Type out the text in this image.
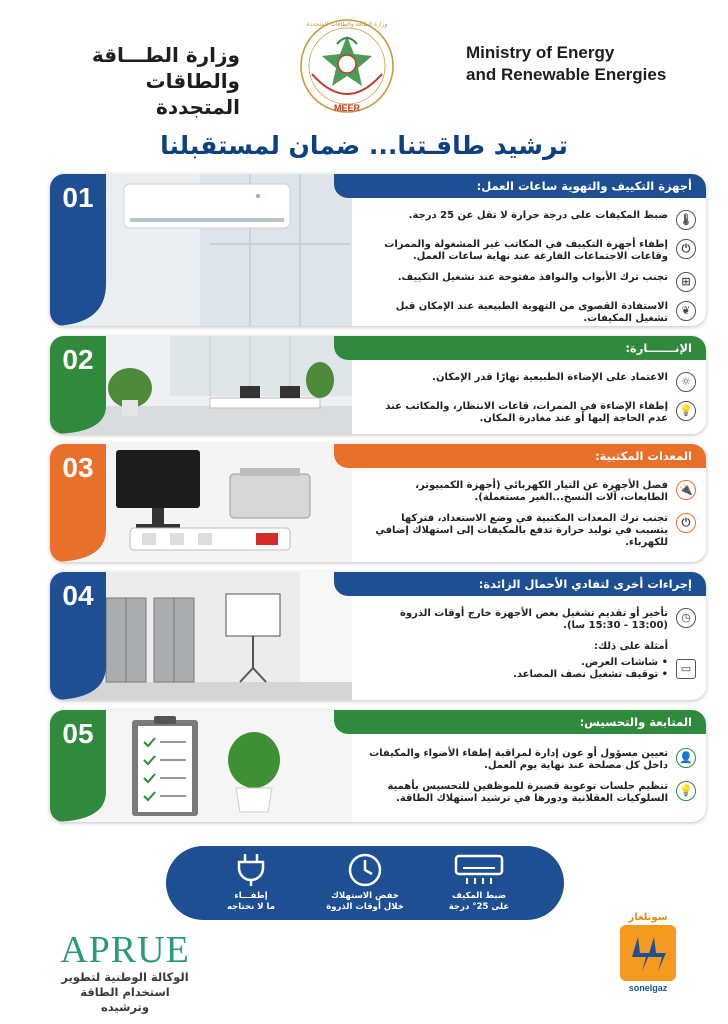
وزارة الطـــاقة
والطاقات المتجددة	MEER
وزارة الطاقة والطاقات المتجددة
Ministry of Energy
and Renewable Energies
ترشيد طاقـتنا... ضمان لمستقبلنا
01	أجهزة التكييف والتهوية ساعات العمل:
🌡
ضبط المكيفات على درجة حرارة لا تقل عن 25 درجة.
⏻
إطفاء أجهزة التكييف في المكاتب غير المشغولة والممرات وقاعات الاجتماعات الفارغة عند نهاية ساعات العمل.
⊞
تجنب ترك الأبواب والنوافذ مفتوحة عند تشغيل التكييف.
❦
الاستفادة القصوى من التهوية الطبيعية عند الإمكان قبل تشغيل المكيفات.
02	الإنـــــــارة:
☼
الاعتماد على الإضاءة الطبيعية نهارًا قدر الإمكان.
💡
إطفاء الإضاءة في الممرات، قاعات الانتظار، والمكاتب عند عدم الحاجة إليها أو عند مغادرة المكان.
03	المعدات المكتبية:
🔌
فصل الأجهزة عن التيار الكهربائي (أجهزة الكمبيوتر، الطابعات، آلات النسخ...الغير مستعملة).
⏻
تجنب ترك المعدات المكتبية في وضع الاستعداد، فتركها يتسبب في توليد حرارة تدفع بالمكيفات إلى استهلاك إضافي للكهرباء.
04	إجراءات أخرى لتفادي الأحمال الزائدة:
◷
تأخير أو تقديم تشغيل بعض الأجهزة خارج أوقات الذروة (13:00 - 15:30 سا).
أمثلة على ذلك:
▭
• شاشات العرض.
• توقيف تشغيل نصف المصاعد.
05	المتابعة والتحسيس:
👤
تعيين مسؤول أو عون إدارة لمراقبة إطفاء الأضواء والمكيفات داخل كل مصلحة عند نهاية يوم العمل.
💡
تنظيم جلسات توعوية قصيرة للموظفين للتحسيس بأهمية السلوكيات العقلانية ودورها في ترشيد استهلاك الطاقة.
إطفـــاء
ما لا نحتاجه
خفض الاستهلاك
خلال أوقات الذروة
ضبط المكيف
على 25° درجة
APRUE
الوكالة الوطنية لتطوير
استخدام الطاقة وترشيده
سونلغاز
sonelgaz
